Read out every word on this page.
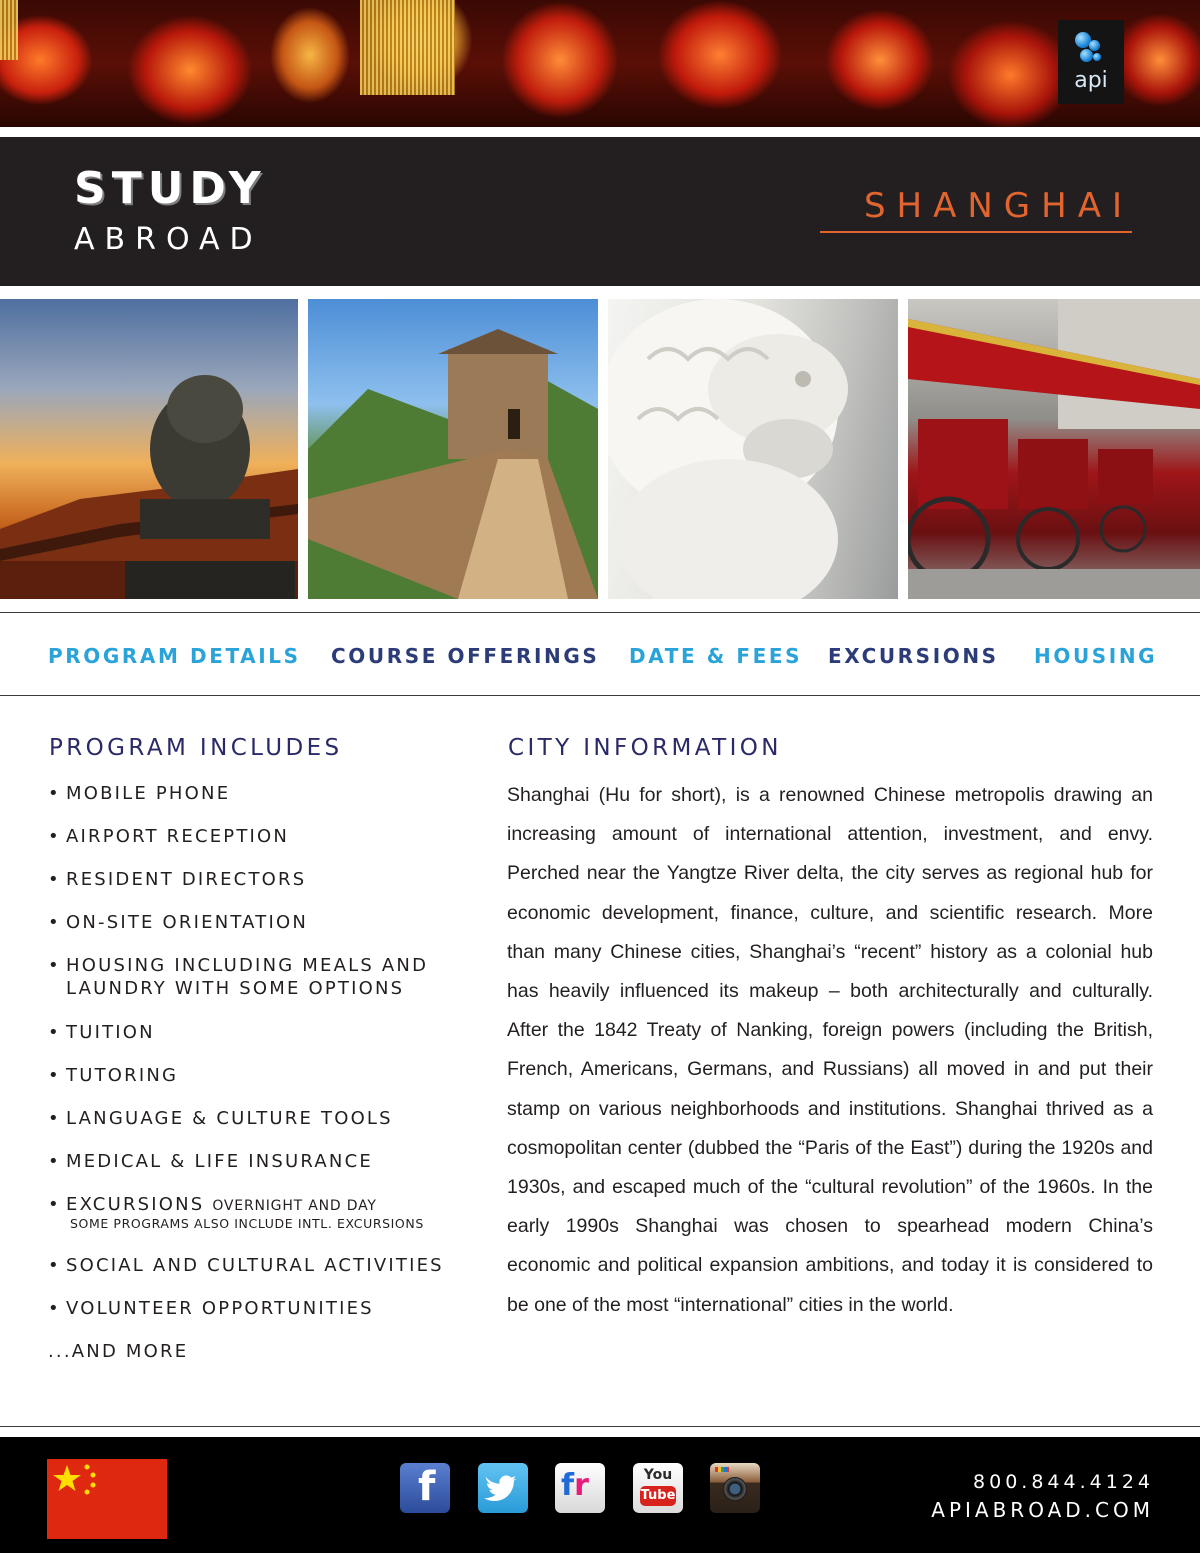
api
STUDY
ABROAD
SHANGHAI
PROGRAM DETAILS COURSE OFFERINGS DATE & FEES EXCURSIONS HOUSING
PROGRAM INCLUDES
• MOBILE PHONE
• AIRPORT RECEPTION
• RESIDENT DIRECTORS
• ON-SITE ORIENTATION
• HOUSING INCLUDING MEALS AND
LAUNDRY WITH SOME OPTIONS
• TUITION
• TUTORING
• LANGUAGE & CULTURE TOOLS
• MEDICAL & LIFE INSURANCE
• EXCURSIONS OVERNIGHT AND DAY
SOME PROGRAMS ALSO INCLUDE INTL. EXCURSIONS
• SOCIAL AND CULTURAL ACTIVITIES
• VOLUNTEER OPPORTUNITIES
...AND MORE
CITY INFORMATION

Shanghai (Hu for short), is a renowned Chinese metropolis drawing an increasing amount of international attention, investment, and envy. Perched near the Yangtze River delta, the city serves as regional hub for economic development, finance, culture, and scientific research. More than many Chinese cities, Shanghai’s “recent” history as a colonial hub has heavily influenced its makeup – both architecturally and culturally. After the 1842 Treaty of Nanking, foreign powers (including the British, French, Americans, Germans, and Russians) all moved in and put their stamp on various neighborhoods and institutions. Shanghai thrived as a cosmopolitan center (dubbed the “Paris of the East”) during the 1920s and 1930s, and escaped much of the “cultural revolution” of the 1960s. In the early 1990s Shanghai was chosen to spearhead modern China’s economic and political expansion ambitions, and today it is considered to be one of the most “international” cities in the world.

f	fr	You
Tube
800.844.4124
APIABROAD.COM
